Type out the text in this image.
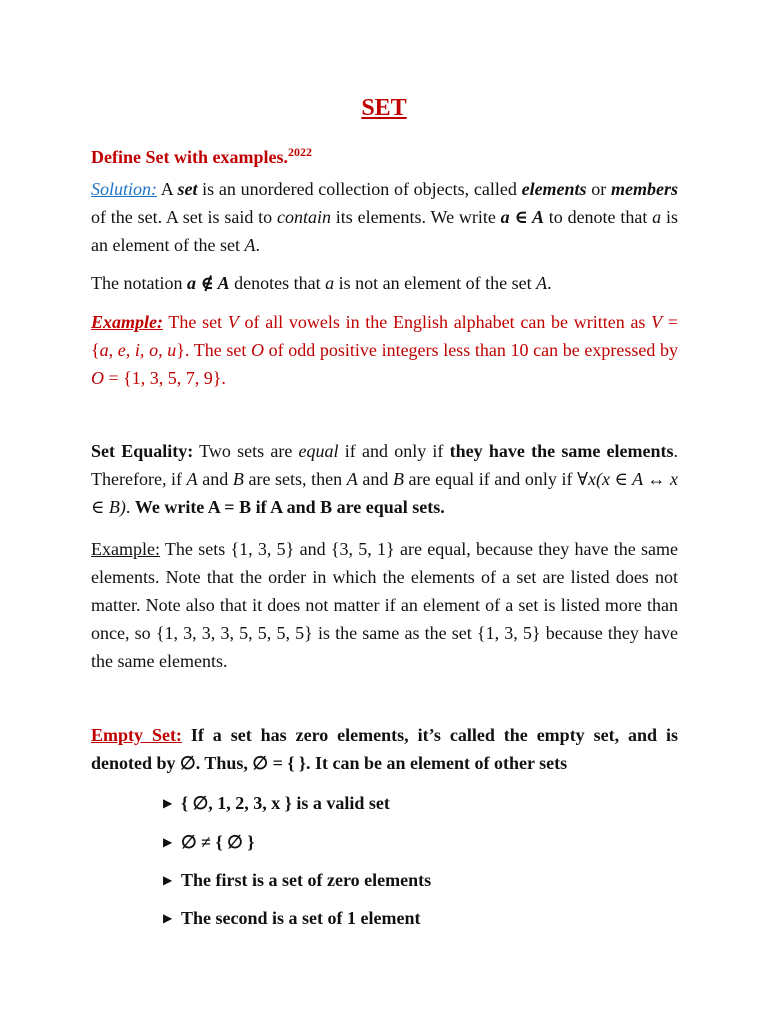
SET
Define Set with examples.$^{2022}$
Solution: A set is an unordered collection of objects, called elements or members of the set. A set is said to contain its elements. We write a ∈ A to denote that a is an element of the set A.
The notation a ∉ A denotes that a is not an element of the set A.
Example: The set V of all vowels in the English alphabet can be written as V = {a, e, i, o, u}. The set O of odd positive integers less than 10 can be expressed by O = {1, 3, 5, 7, 9}.
Set Equality: Two sets are equal if and only if they have the same elements. Therefore, if A and B are sets, then A and B are equal if and only if ∀x(x ∈ A ↔ x ∈ B). We write A = B if A and B are equal sets.
Example: The sets {1, 3, 5} and {3, 5, 1} are equal, because they have the same elements. Note that the order in which the elements of a set are listed does not matter. Note also that it does not matter if an element of a set is listed more than once, so {1, 3, 3, 3, 5, 5, 5, 5} is the same as the set {1, 3, 5} because they have the same elements.
Empty Set: If a set has zero elements, it’s called the empty set, and is denoted by ∅. Thus, ∅ = { }. It can be an element of other sets
▶ { ∅, 1, 2, 3, x } is a valid set
▶ ∅ ≠ { ∅ }
▶ The first is a set of zero elements
▶ The second is a set of 1 element
